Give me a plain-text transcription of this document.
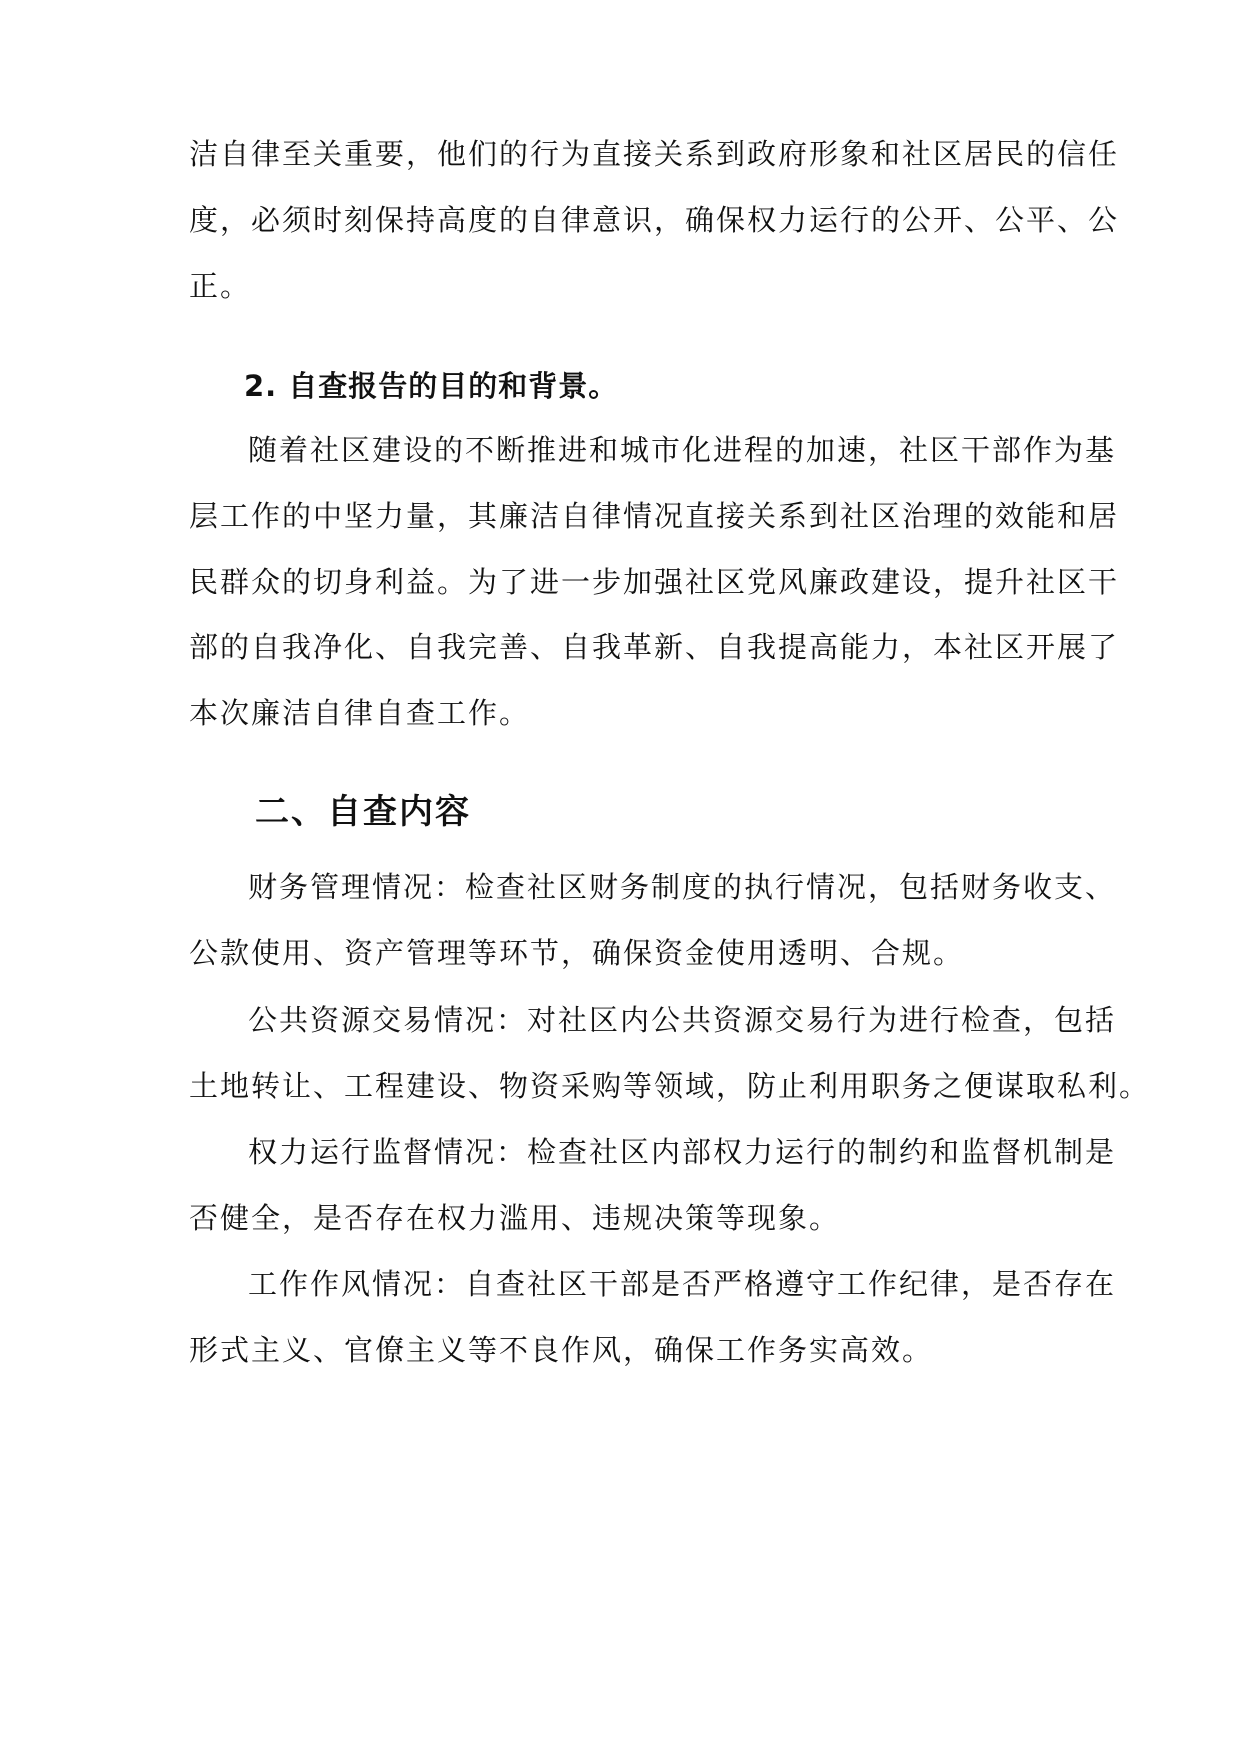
洁自律至关重要，他们的行为直接关系到政府形象和社区居民的信任

度，必须时刻保持高度的自律意识，确保权力运行的公开、公平、公

正。

2. 自查报告的目的和背景。

随着社区建设的不断推进和城市化进程的加速，社区干部作为基

层工作的中坚力量，其廉洁自律情况直接关系到社区治理的效能和居

民群众的切身利益。为了进一步加强社区党风廉政建设，提升社区干

部的自我净化、自我完善、自我革新、自我提高能力，本社区开展了

本次廉洁自律自查工作。

二、自查内容

财务管理情况：检查社区财务制度的执行情况，包括财务收支、

公款使用、资产管理等环节，确保资金使用透明、合规。

公共资源交易情况：对社区内公共资源交易行为进行检查，包括

土地转让、工程建设、物资采购等领域，防止利用职务之便谋取私利。

权力运行监督情况：检查社区内部权力运行的制约和监督机制是

否健全，是否存在权力滥用、违规决策等现象。

工作作风情况：自查社区干部是否严格遵守工作纪律，是否存在

形式主义、官僚主义等不良作风，确保工作务实高效。
